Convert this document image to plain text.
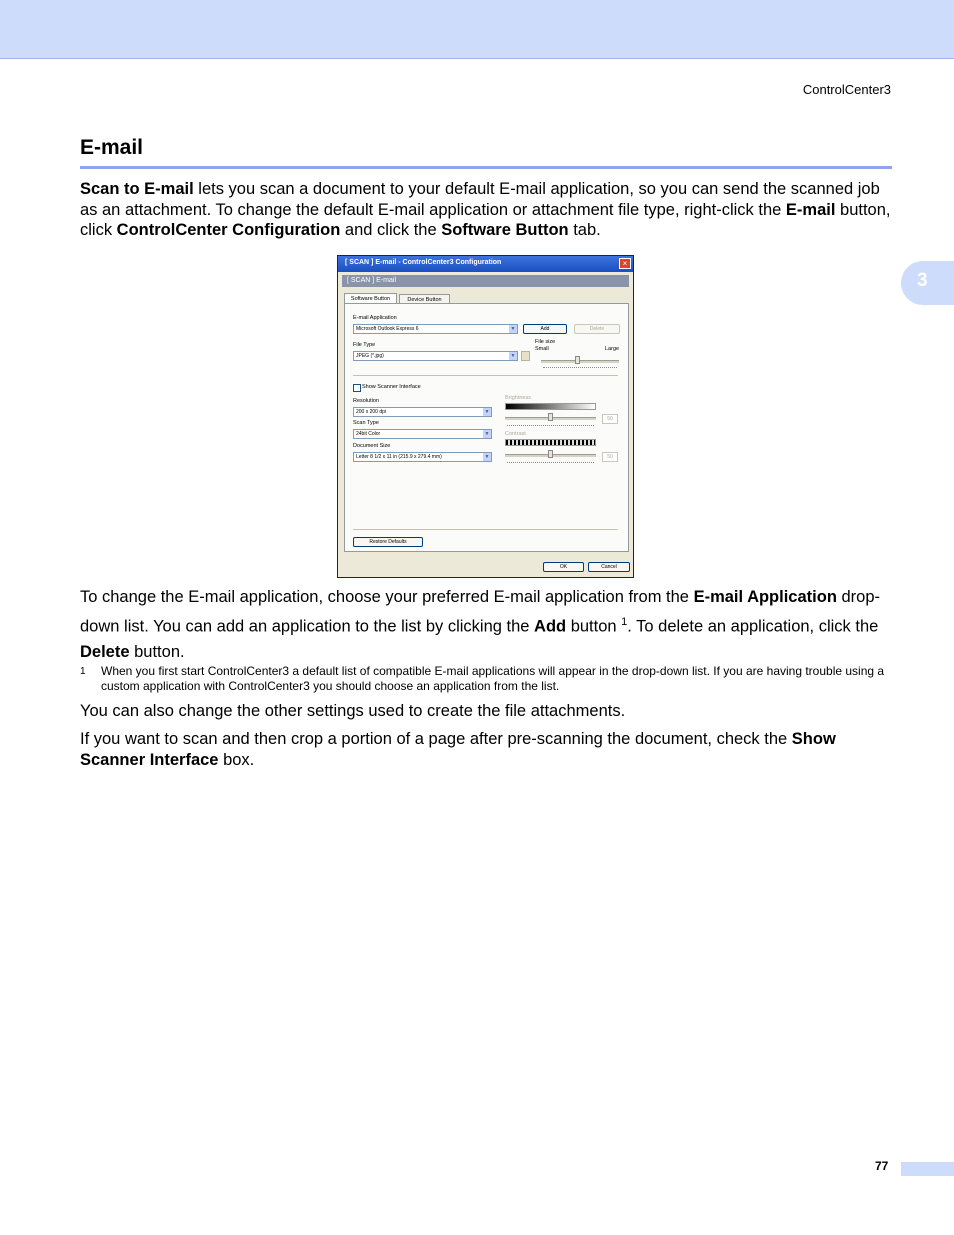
ControlCenter3
3
E-mail

Scan to E-mail lets you scan a document to your default E-mail application, so you can send the scanned job as an attachment. To change the default E-mail application or attachment file type, right-click the E-mail button, click ControlCenter Configuration and click the Software Button tab.

[ SCAN ] E-mail - ControlCenter3 Configuration	×
[ SCAN ] E-mail
Software Button	Device Button
E-mail Application
Microsoft Outlook Express 6	▼	Add	Delete
File Type
JPEG (*.jpg)	▼
File size
Small	Large
Show Scanner Interface
Resolution
200 x 200 dpi	▼
Scan Type
24bit Color	▼
Document Size
Letter 8 1/2 x 11 in (215.9 x 279.4 mm)	▼
Brightness
50
Contrast
50
Restore Defaults
OK	Cancel

To change the E-mail application, choose your preferred E-mail application from the E-mail Application drop-down list. You can add an application to the list by clicking the Add button $^1$. To delete an application, click the Delete button.

1 When you first start ControlCenter3 a default list of compatible E-mail applications will appear in the drop-down list. If you are having trouble using a custom application with ControlCenter3 you should choose an application from the list.

You can also change the other settings used to create the file attachments.

If you want to scan and then crop a portion of a page after pre-scanning the document, check the Show Scanner Interface box.

77
